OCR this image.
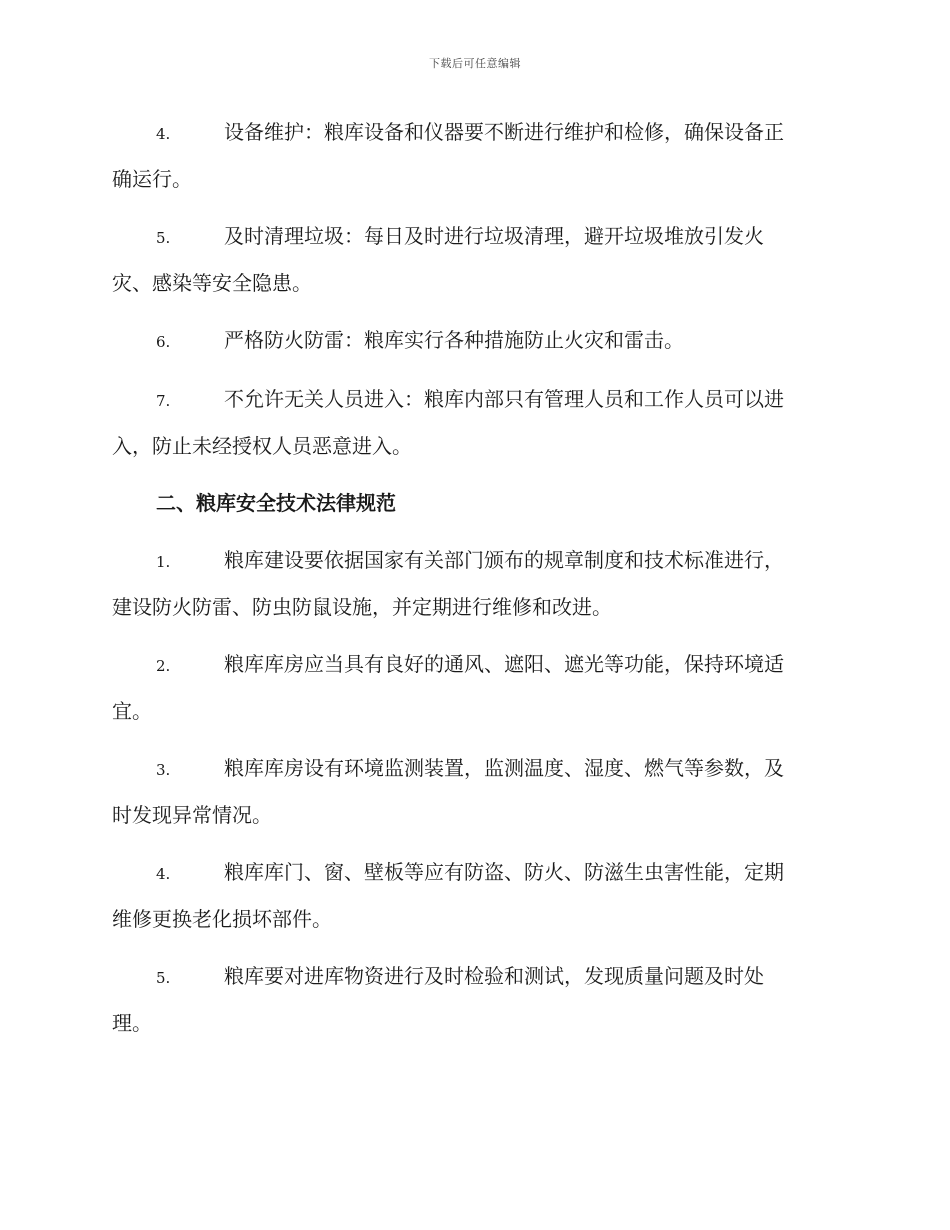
下载后可任意编辑
4.	设备维护：粮库设备和仪器要不断进行维护和检修，确保设备正
确运行。
5.	及时清理垃圾：每日及时进行垃圾清理，避开垃圾堆放引发火
灾、感染等安全隐患。
6.	严格防火防雷：粮库实行各种措施防止火灾和雷击。
7.	不允许无关人员进入：粮库内部只有管理人员和工作人员可以进
入，防止未经授权人员恶意进入。
二、粮库安全技术法律规范
1.	粮库建设要依据国家有关部门颁布的规章制度和技术标准进行，
建设防火防雷、防虫防鼠设施，并定期进行维修和改进。
2.	粮库库房应当具有良好的通风、遮阳、遮光等功能，保持环境适
宜。
3.	粮库库房设有环境监测装置，监测温度、湿度、燃气等参数，及
时发现异常情况。
4.	粮库库门、窗、壁板等应有防盗、防火、防滋生虫害性能，定期
维修更换老化损坏部件。
5.	粮库要对进库物资进行及时检验和测试，发现质量问题及时处
理。
